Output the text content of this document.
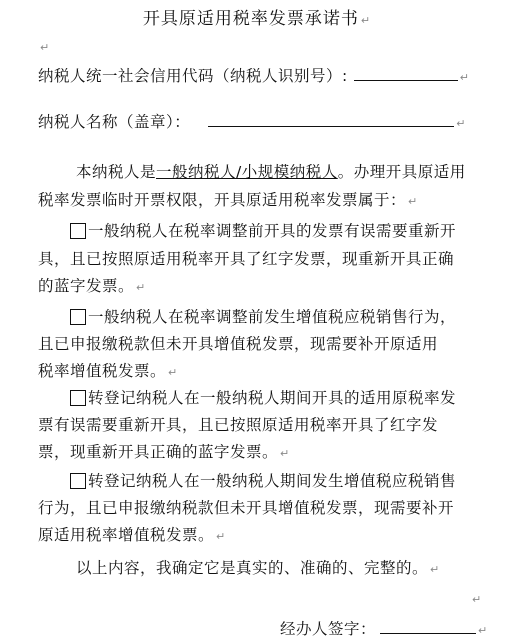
开具原适用税率发票承诺书 ↵
↵
纳税人统一社会信用代码（纳税人识别号）:	↵
纳税人名称（盖章）：	↵
本纳税人是一般纳税人/小规模纳税人。办理开具原适用
税率发票临时开票权限，开具原适用税率发票属于： ↵
一般纳税人在税率调整前开具的发票有误需要重新开
具，且已按照原适用税率开具了红字发票，现重新开具正确
的蓝字发票。 ↵
一般纳税人在税率调整前发生增值税应税销售行为，
且已申报缴税款但未开具增值税发票，现需要补开原适用
税率增值税发票。 ↵
转登记纳税人在一般纳税人期间开具的适用原税率发
票有误需要重新开具，且已按照原适用税率开具了红字发
票，现重新开具正确的蓝字发票。 ↵
转登记纳税人在一般纳税人期间发生增值税应税销售
行为，且已申报缴纳税款但未开具增值税发票，现需要补开
原适用税率增值税发票。 ↵
以上内容，我确定它是真实的、准确的、完整的。 ↵
↵
经办人签字：	↵
